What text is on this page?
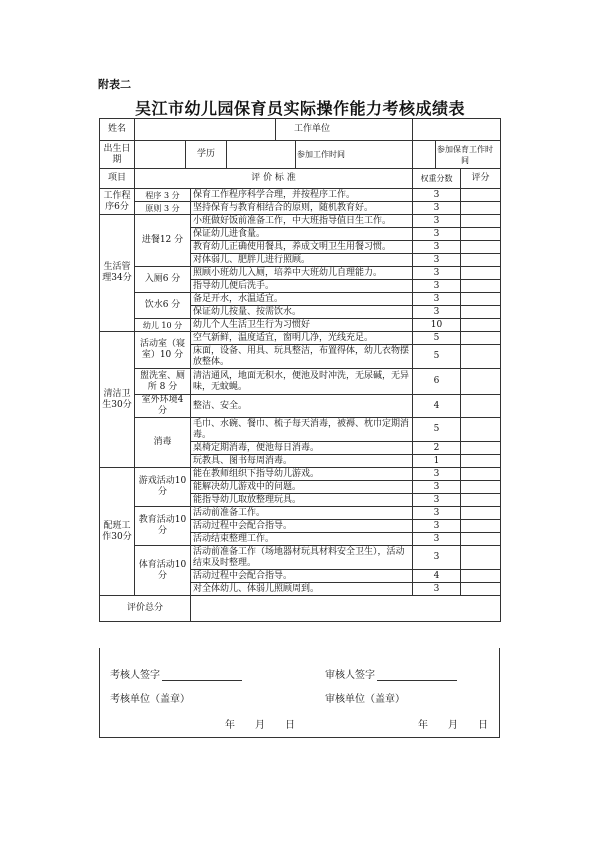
附表二
吴江市幼儿园保育员实际操作能力考核成绩表
姓名	工作单位			

出生日期	学历 参加工作时间		参加保育工作时间	

项目	评 价 标 准		权重分数	评分
工作程序6分	程序 3 分	保育工作程序科学合理，并按程序工作。	3	
	原则 3 分	坚持保育与教育相结合的原则，随机教育好。	3	
生活管理34分	进餐12 分	小班做好饭前准备工作，中大班指导值日生工作。	3	
		保证幼儿进食量。	3	
		教育幼儿正确使用餐具，养成文明卫生用餐习惯。	3	
		对体弱儿、肥胖儿进行照顾。	3	
	入厕6 分	照顾小班幼儿入厕，培养中大班幼儿自理能力。	3	
		指导幼儿便后洗手。	3	
	饮水6 分	备足开水，水温适宜。	3	
		保证幼儿按量、按需饮水。	3	
	幼儿 10 分	幼儿个人生活卫生行为习惯好	10	
清洁卫生30分	活动室（寝室）10 分	空气新鲜，温度适宜，窗明几净，光线充足。	5	
		床面，设备、用具、玩具整洁，布置得体，幼儿衣物摆放整体。	5	
	盥洗室、厕所 8 分	清洁通风，地面无积水，便池及时冲洗，无尿碱，无异味，无蚊蝇。	6	
	室外环境4 分	整洁、安全。	4	
	消毒	毛巾、水碗、餐巾、梳子每天消毒，被褥、枕巾定期消毒。	5	
		桌椅定期消毒，便池每日消毒。	2	
		玩教具、图书每周消毒。	1	
配班工作30分	游戏活动10 分	能在教师组织下指导幼儿游戏。	3	
		能解决幼儿游戏中的问题。	3	
		能指导幼儿取放整理玩具。	3	
	教育活动10 分	活动前准备工作。	3	
		活动过程中会配合指导。	3	
		活动结束整理工作。	3	
	体育活动10 分	活动前准备工作（场地器材玩具材料安全卫生），活动结束及时整理。	3	
		活动过程中会配合指导。	4	
		对全体幼儿、体弱儿照顾周到。	3	
评价总分				
考核人签字	审核人签字
考核单位（盖章）	审核单位（盖章）
年　　月　　日	年　　月　　日
